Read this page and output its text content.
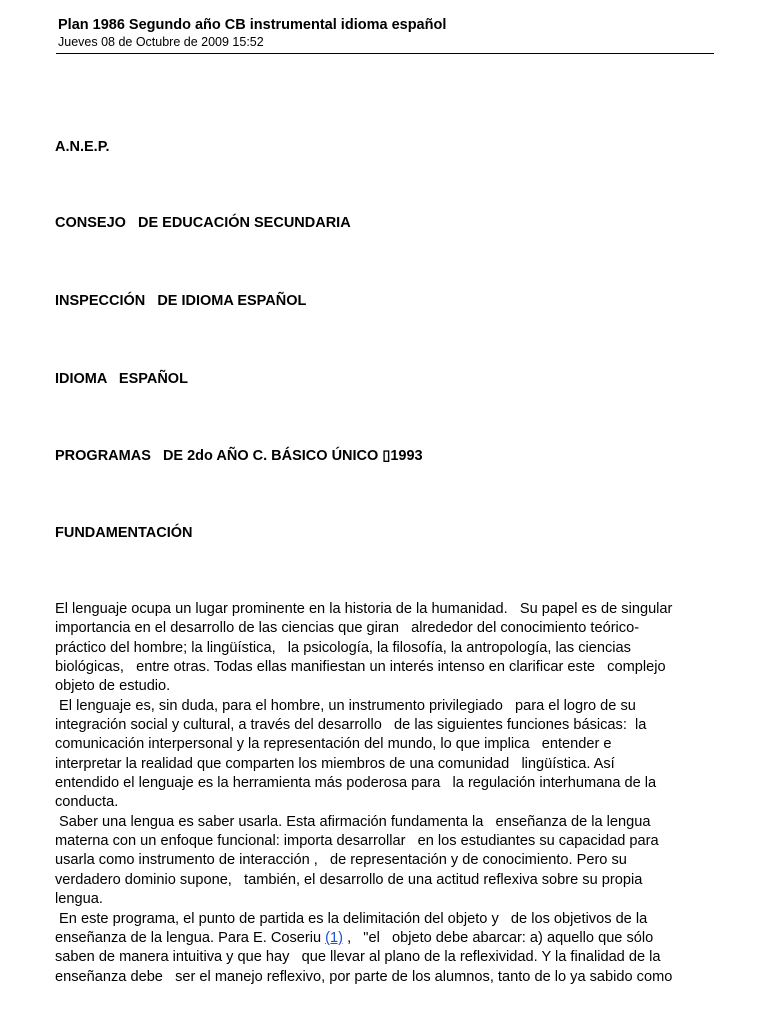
Plan 1986 Segundo año CB instrumental idioma español
Jueves 08 de Octubre de 2009 15:52
A.N.E.P.
CONSEJO   DE EDUCACIÓN SECUNDARIA
INSPECCIÓN   DE IDIOMA ESPAÑOL
IDIOMA   ESPAÑOL
PROGRAMAS   DE 2do AÑO C. BÁSICO ÚNICO ▯1993
FUNDAMENTACIÓN
El lenguaje ocupa un lugar prominente en la historia de la humanidad.   Su papel es de singular
importancia en el desarrollo de las ciencias que giran   alrededor del conocimiento teórico-
práctico del hombre; la lingüística,   la psicología, la filosofía, la antropología, las ciencias
biológicas,   entre otras. Todas ellas manifiestan un interés intenso en clarificar este   complejo
objeto de estudio.
El lenguaje es, sin duda, para el hombre, un instrumento privilegiado   para el logro de su
integración social y cultural, a través del desarrollo   de las siguientes funciones básicas:  la
comunicación interpersonal y la representación del mundo, lo que implica   entender e
interpretar la realidad que comparten los miembros de una comunidad   lingüística. Así
entendido el lenguaje es la herramienta más poderosa para   la regulación interhumana de la
conducta.
Saber una lengua es saber usarla. Esta afirmación fundamenta la   enseñanza de la lengua
materna con un enfoque funcional: importa desarrollar   en los estudiantes su capacidad para
usarla como instrumento de interacción ,   de representación y de conocimiento. Pero su
verdadero dominio supone,   también, el desarrollo de una actitud reflexiva sobre su propia
lengua.
En este programa, el punto de partida es la delimitación del objeto y   de los objetivos de la
enseñanza de la lengua. Para E. Coseriu (1) ,   "el   objeto debe abarcar: a) aquello que sólo
saben de manera intuitiva y que hay   que llevar al plano de la reflexividad. Y la finalidad de la
enseñanza debe   ser el manejo reflexivo, por parte de los alumnos, tanto de lo ya sabido como
